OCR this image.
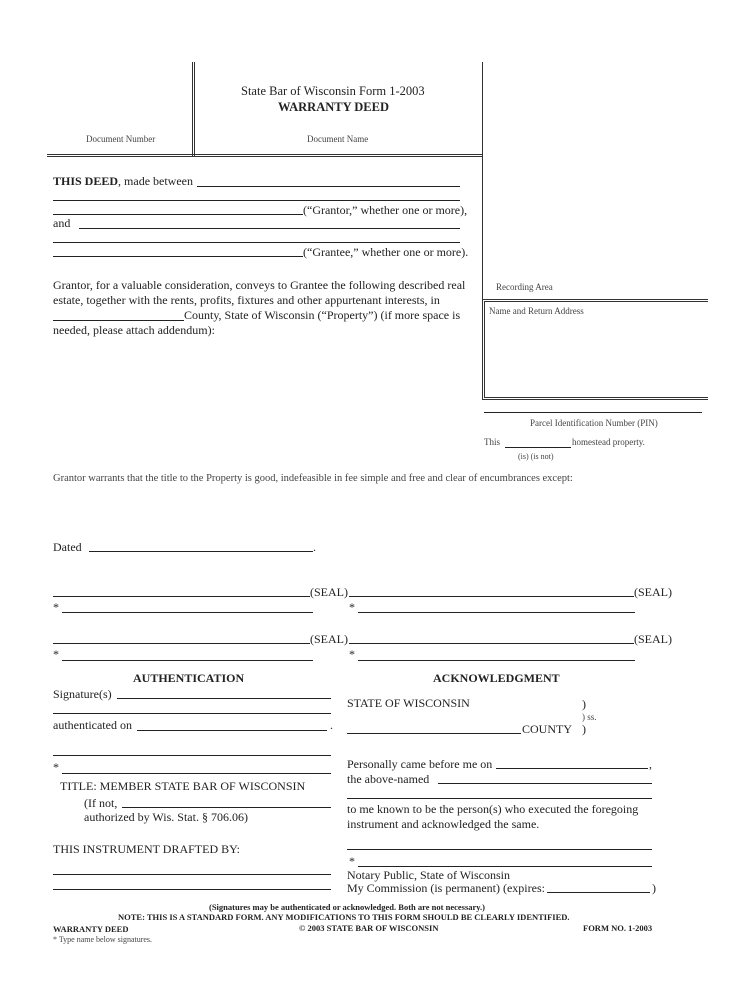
State Bar of Wisconsin Form 1-2003
WARRANTY DEED
Document Number	Document Name
THIS DEED, made between
(“Grantor,” whether one or more),
and
(“Grantee,” whether one or more).
Grantor, for a valuable consideration, conveys to Grantee the following described real
estate, together with the rents, profits, fixtures and other appurtenant interests, in
County, State of Wisconsin (“Property”) (if more space is
needed, please attach addendum):
Recording Area
Name and Return Address
Parcel Identification Number (PIN)
This	homestead property.
(is) (is not)
Grantor warrants that the title to the Property is good, indefeasible in fee simple and free and clear of encumbrances except:
Dated	.
(SEAL)	(SEAL)
*	*
(SEAL)	(SEAL)
*	*
AUTHENTICATION
Signature(s)
authenticated on	.
*
TITLE: MEMBER STATE BAR OF WISCONSIN
(If not,
authorized by Wis. Stat. § 706.06)
THIS INSTRUMENT DRAFTED BY:
ACKNOWLEDGMENT
STATE OF WISCONSIN	)
) ss.
COUNTY )
Personally came before me on	,
the above-named
to me known to be the person(s) who executed the foregoing
instrument and acknowledged the same.
*
Notary Public, State of Wisconsin
My Commission (is permanent) (expires:	)
(Signatures may be authenticated or acknowledged. Both are not necessary.)
NOTE: THIS IS A STANDARD FORM. ANY MODIFICATIONS TO THIS FORM SHOULD BE CLEARLY IDENTIFIED.
WARRANTY DEED	© 2003 STATE BAR OF WISCONSIN	FORM NO. 1-2003
* Type name below signatures.
